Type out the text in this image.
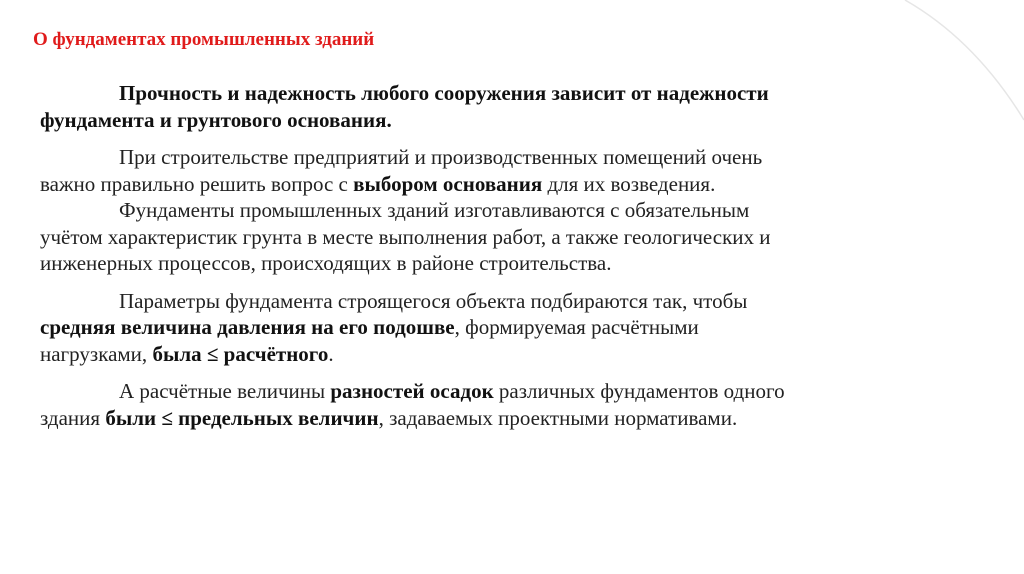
О фундаментах промышленных зданий
Прочность и надежность любого сооружения зависит от надежности
фундамента и грунтового основания.
При строительстве предприятий и производственных помещений очень
важно правильно решить вопрос с выбором основания для их возведения.
Фундаменты промышленных зданий изготавливаются с обязательным
учётом характеристик грунта в месте выполнения работ, а также геологических и
инженерных процессов, происходящих в районе строительства.
Параметры фундамента строящегося объекта подбираются так, чтобы
средняя величина давления на его подошве, формируемая расчётными
нагрузками, была ≤ расчётного.
А расчётные величины разностей осадок различных фундаментов одного
здания были ≤ предельных величин, задаваемых проектными нормативами.
